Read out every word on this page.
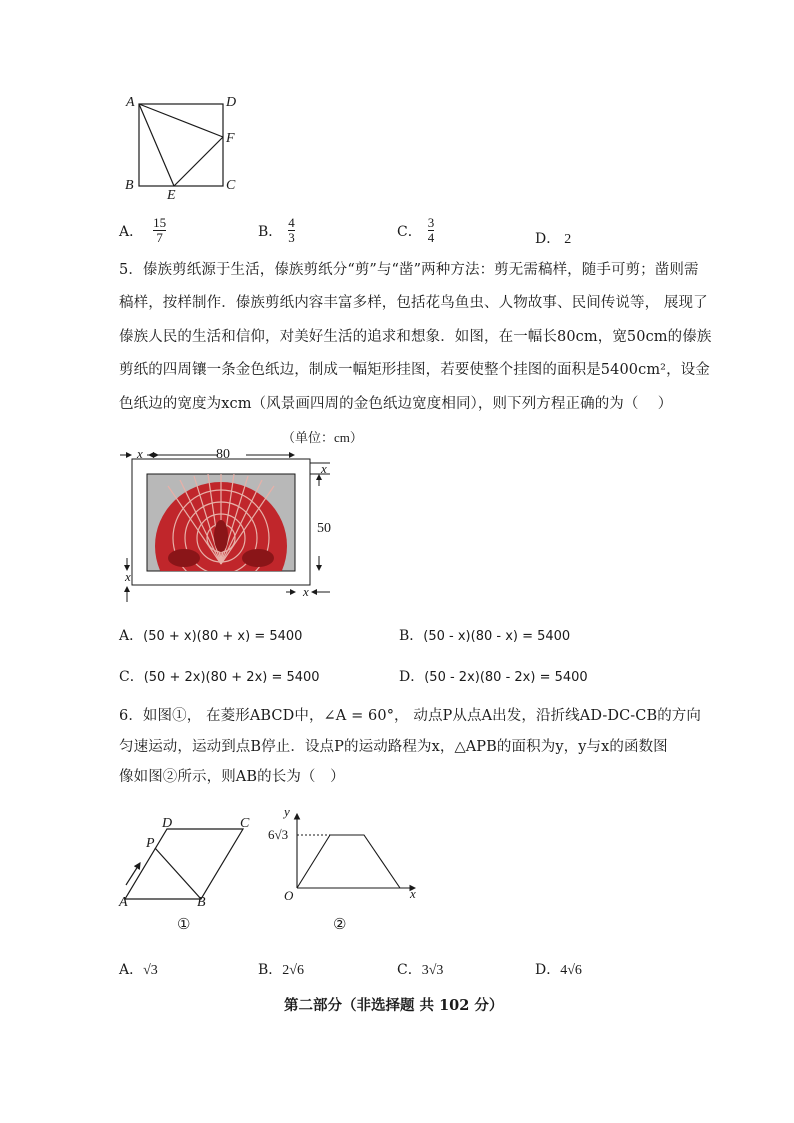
A	D
F
B
E
C
A． $\frac{15}{7}$	B． $\frac{4}{3}$	C． $\frac{3}{4}$	D． 2
5．傣族剪纸源于生活，傣族剪纸分“剪”与“凿”两种方法：剪无需稿样，随手可剪；凿则需
稿样，按样制作．傣族剪纸内容丰富多样，包括花鸟鱼虫、人物故事、民间传说等， 展现了
傣族人民的生活和信仰，对美好生活的追求和想象．如图，在一幅长80cm，宽50cm的傣族
剪纸的四周镶一条金色纸边，制成一幅矩形挂图，若要使整个挂图的面积是5400cm²，设金
色纸边的宽度为xcm（风景画四周的金色纸边宽度相同），则下列方程正确的为（　 ）
（单位：cm）
x	80
x
50
x
x
A．(50 + x)(80 + x) = 5400	B．(50 - x)(80 - x) = 5400
C．(50 + 2x)(80 + 2x) = 5400	D．(50 - 2x)(80 - 2x) = 5400
6．如图①， 在菱形ABCD中，∠A = 60°， 动点P从点A出发，沿折线AD-DC-CB的方向
匀速运动，运动到点B停止．设点P的运动路程为x，△APB的面积为y，y与x的函数图
像如图②所示，则AB的长为（　）
D	C
P
A	B
①
y
6√3
O	x
②
A．√3	B．2√6	C．3√3	D．4√6
第二部分（非选择题 共 102 分）
